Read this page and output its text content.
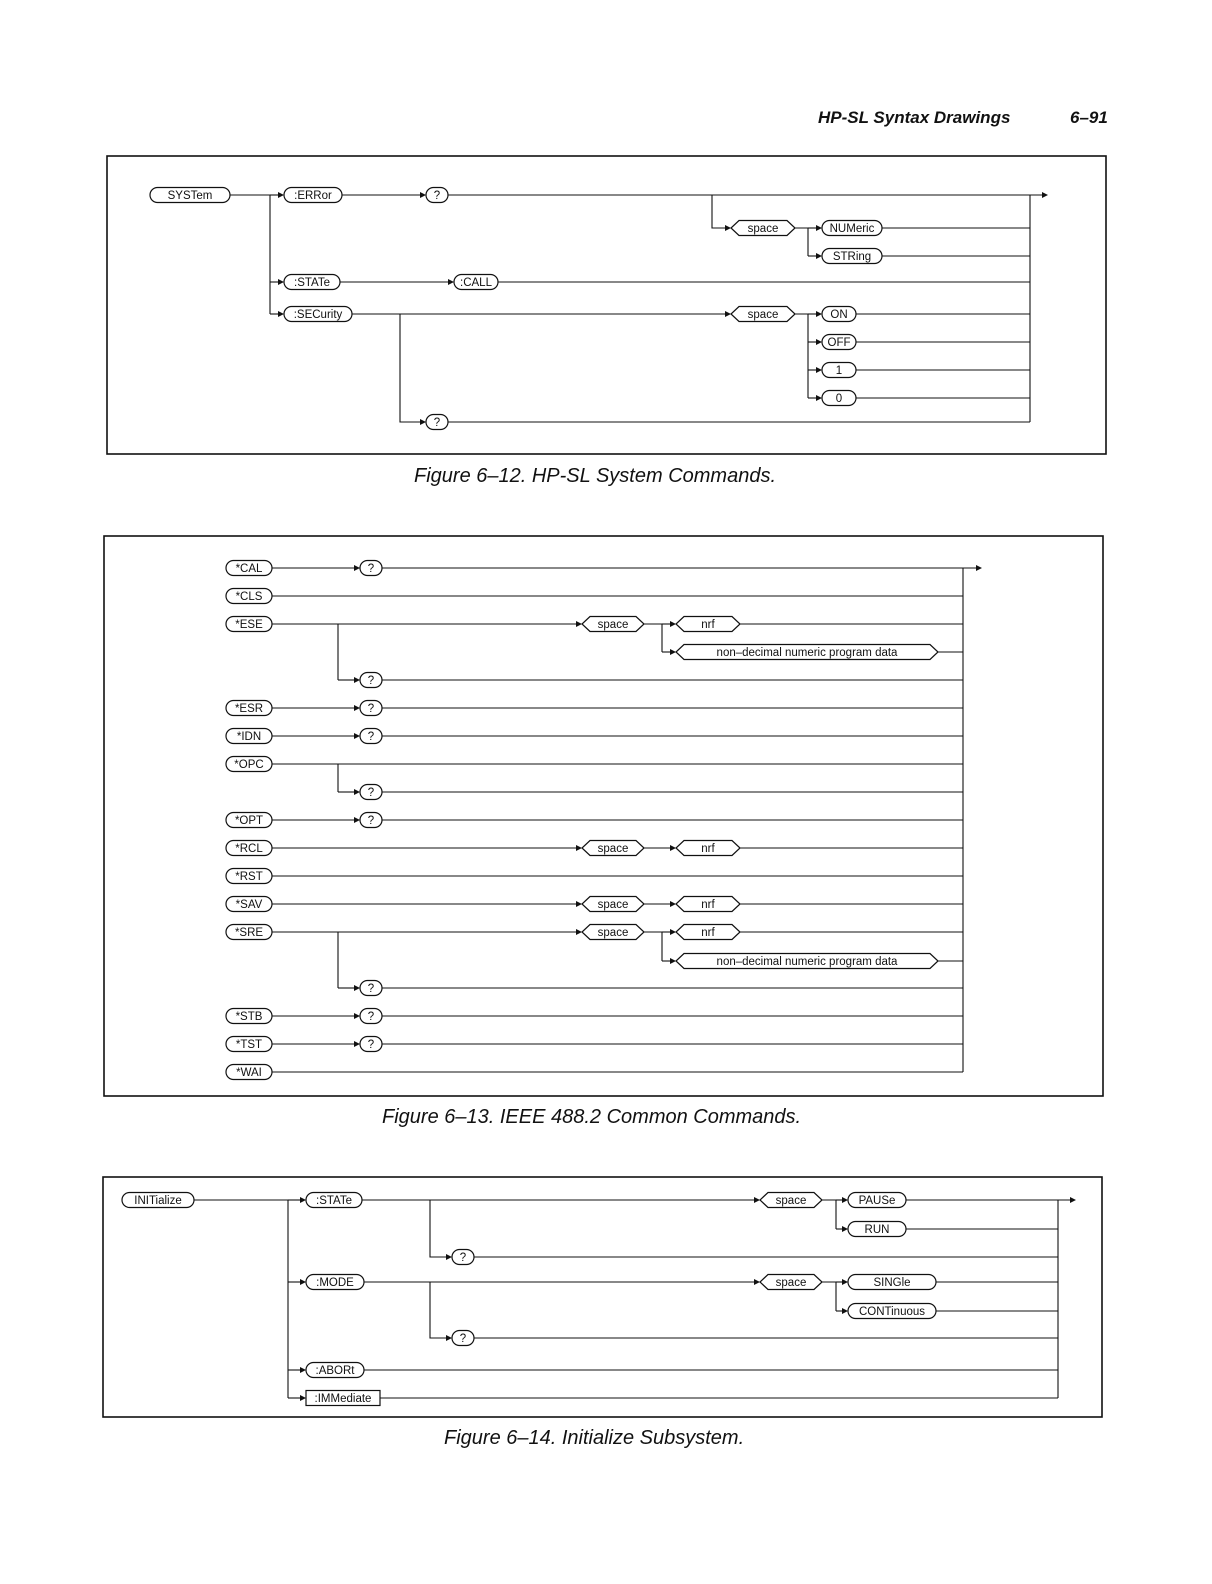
HP-SL Syntax Drawings	6–91
SYSTem	:ERRor	?
space	NUMeric
STRing
:STATe	:CALL
:SECurity	space	ON
OFF
1
0
?
Figure 6–12. HP-SL System Commands.
*CAL	?
*CLS
*ESE	space	nrf
non–decimal numeric program data
?
*ESR	?
*IDN	?
*OPC
?
*OPT	?
*RCL	space	nrf
*RST
*SAV	space	nrf
*SRE	space	nrf
non–decimal numeric program data
?
*STB	?
*TST	?
*WAI
Figure 6–13. IEEE 488.2 Common Commands.
INITialize	:STATe	space	PAUSe
RUN
?
:MODE	space	SINGle
CONTinuous
?
:ABORt
:IMMediate
Figure 6–14. Initialize Subsystem.
